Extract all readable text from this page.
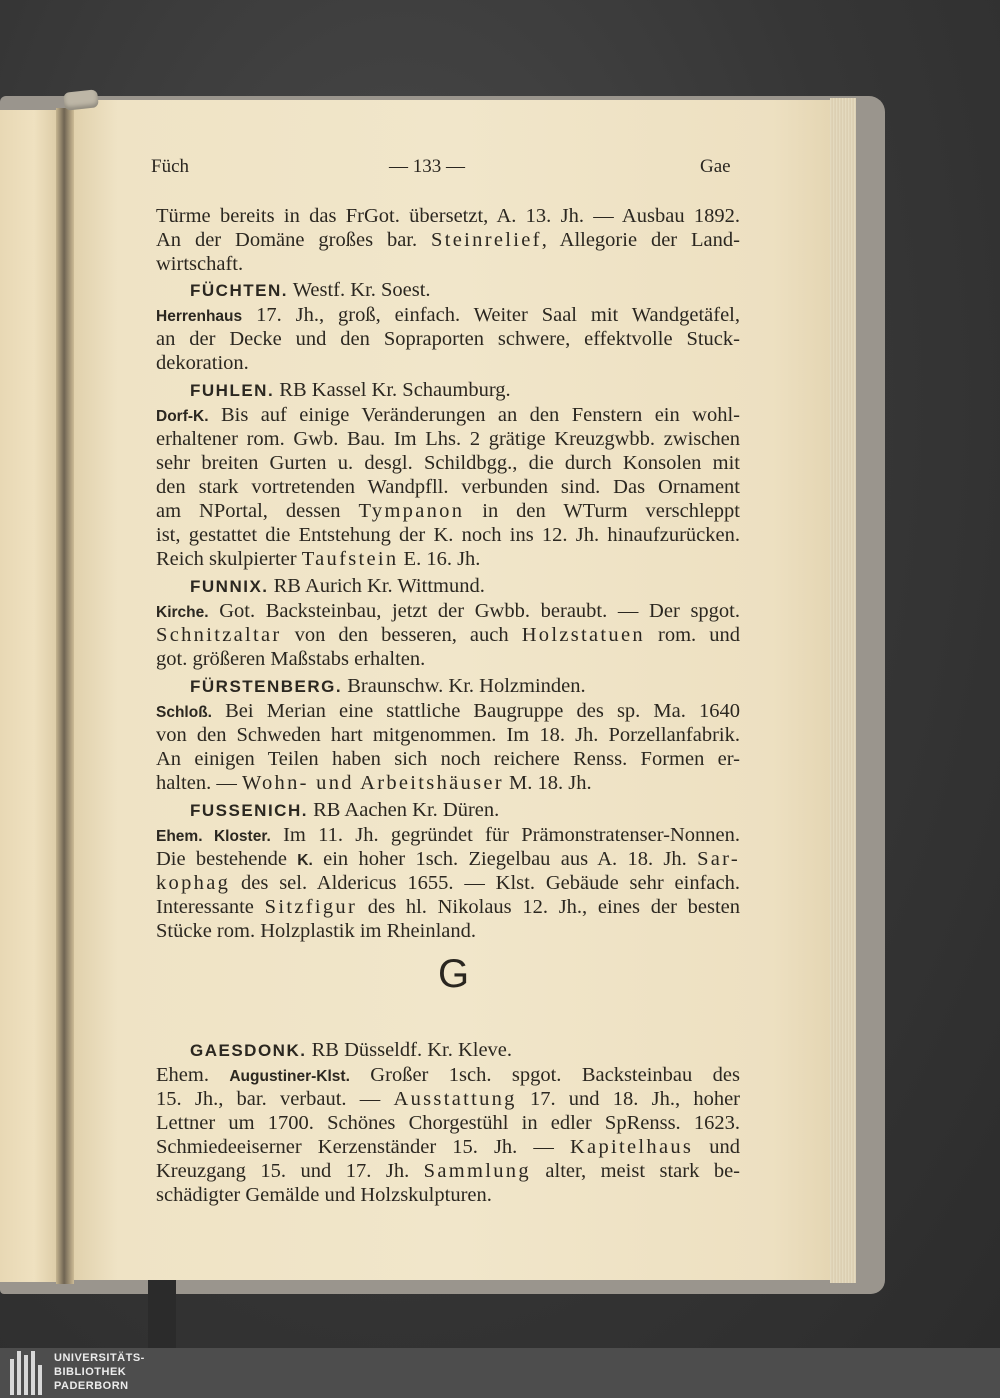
Füch	— 133 —	Gae
Türme bereits in das FrGot. übersetzt, A. 13. Jh. — Ausbau 1892.
An der Domäne großes bar. Steinrelief, Allegorie der Land-
wirtschaft.
FÜCHTEN. Westf. Kr. Soest.
Herrenhaus 17. Jh., groß, einfach. Weiter Saal mit Wandgetäfel,
an der Decke und den Sopraporten schwere, effektvolle Stuck-
dekoration.
FUHLEN. RB Kassel Kr. Schaumburg.
Dorf-K. Bis auf einige Veränderungen an den Fenstern ein wohl-
erhaltener rom. Gwb. Bau. Im Lhs. 2 grätige Kreuzgwbb. zwischen
sehr breiten Gurten u. desgl. Schildbgg., die durch Konsolen mit
den stark vortretenden Wandpfll. verbunden sind. Das Ornament
am NPortal, dessen Tympanon in den WTurm verschleppt
ist, gestattet die Entstehung der K. noch ins 12. Jh. hinaufzurücken.
Reich skulpierter Taufstein E. 16. Jh.
FUNNIX. RB Aurich Kr. Wittmund.
Kirche. Got. Backsteinbau, jetzt der Gwbb. beraubt. — Der spgot.
Schnitzaltar von den besseren, auch Holzstatuen rom. und
got. größeren Maßstabs erhalten.
FÜRSTENBERG. Braunschw. Kr. Holzminden.
Schloß. Bei Merian eine stattliche Baugruppe des sp. Ma. 1640
von den Schweden hart mitgenommen. Im 18. Jh. Porzellanfabrik.
An einigen Teilen haben sich noch reichere Renss. Formen er-
halten. — Wohn- und Arbeitshäuser M. 18. Jh.
FUSSENICH. RB Aachen Kr. Düren.
Ehem. Kloster. Im 11. Jh. gegründet für Prämonstratenser-Nonnen.
Die bestehende K. ein hoher 1sch. Ziegelbau aus A. 18. Jh. Sar-
kophag des sel. Aldericus 1655. — Klst. Gebäude sehr einfach.
Interessante Sitzfigur des hl. Nikolaus 12. Jh., eines der besten
Stücke rom. Holzplastik im Rheinland.
G
GAESDONK. RB Düsseldf. Kr. Kleve.
Ehem. Augustiner-Klst. Großer 1sch. spgot. Backsteinbau des
15. Jh., bar. verbaut. — Ausstattung 17. und 18. Jh., hoher
Lettner um 1700. Schönes Chorgestühl in edler SpRenss. 1623.
Schmiedeeiserner Kerzenständer 15. Jh. — Kapitelhaus und
Kreuzgang 15. und 17. Jh. Sammlung alter, meist stark be-
schädigter Gemälde und Holzskulpturen.
UNIVERSITÄTS-
BIBLIOTHEK
PADERBORN
